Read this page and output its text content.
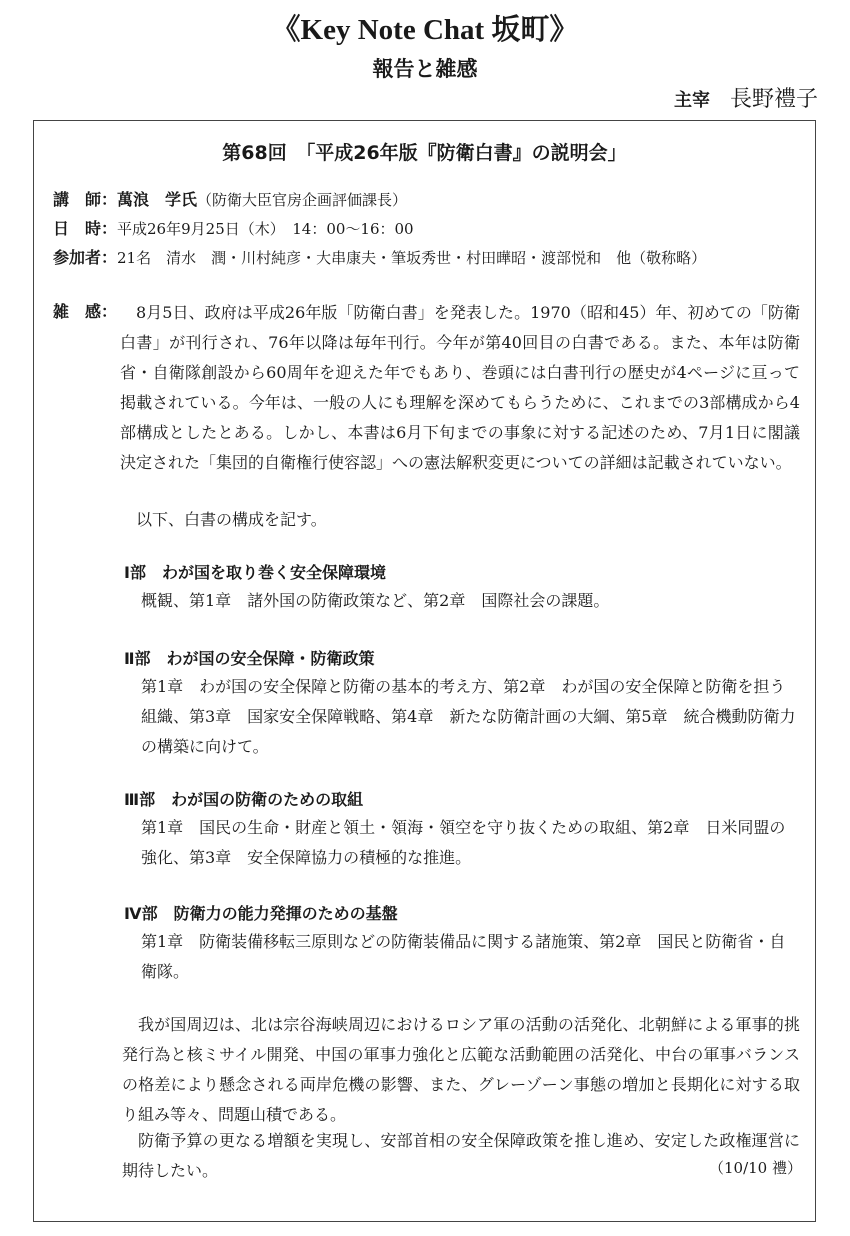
《Key Note Chat 坂町》
報告と雑感
主宰 長野禮子
第68回　「平成26年版『防衛白書』の説明会」
講　師：萬浪　学氏（防衛大臣官房企画評価課長）
日　時：平成26年9月25日（木）　14：00～16：00
参加者：21名　清水　潤・川村純彦・大串康夫・筆坂秀世・村田曄昭・渡部悦和　他（敬称略）
雑　感：	8月5日、政府は平成26年版「防衛白書」を発表した。1970（昭和45）年、初めての「防衛白書」が刊行され、76年以降は毎年刊行。今年が第40回目の白書である。また、本年は防衛省・自衛隊創設から60周年を迎えた年でもあり、巻頭には白書刊行の歴史が4ページに亘って掲載されている。今年は、一般の人にも理解を深めてもらうために、これまでの3部構成から4部構成としたとある。しかし、本書は6月下旬までの事象に対する記述のため、7月1日に閣議決定された「集団的自衛権行使容認」への憲法解釈変更についての詳細は記載されていない。

以下、白書の構成を記す。

Ⅰ部　わが国を取り巻く安全保障環境

概観、第1章　諸外国の防衛政策など、第2章　国際社会の課題。

Ⅱ部　わが国の安全保障・防衛政策

第1章　わが国の安全保障と防衛の基本的考え方、第2章　わが国の安全保障と防衛を担う組織、第3章　国家安全保障戦略、第4章　新たな防衛計画の大綱、第5章　統合機動防衛力の構築に向けて。

Ⅲ部　わが国の防衛のための取組

第1章　国民の生命・財産と領土・領海・領空を守り抜くための取組、第2章　日米同盟の強化、第3章　安全保障協力の積極的な推進。

Ⅳ部　防衛力の能力発揮のための基盤

第1章　防衛装備移転三原則などの防衛装備品に関する諸施策、第2章　国民と防衛省・自衛隊。

我が国周辺は、北は宗谷海峡周辺におけるロシア軍の活動の活発化、北朝鮮による軍事的挑発行為と核ミサイル開発、中国の軍事力強化と広範な活動範囲の活発化、中台の軍事バランスの格差により懸念される両岸危機の影響、また、グレーゾーン事態の増加と長期化に対する取り組み等々、問題山積である。

防衛予算の更なる増額を実現し、安部首相の安全保障政策を推し進め、安定した政権運営に期待したい。	（10/10 禮）
